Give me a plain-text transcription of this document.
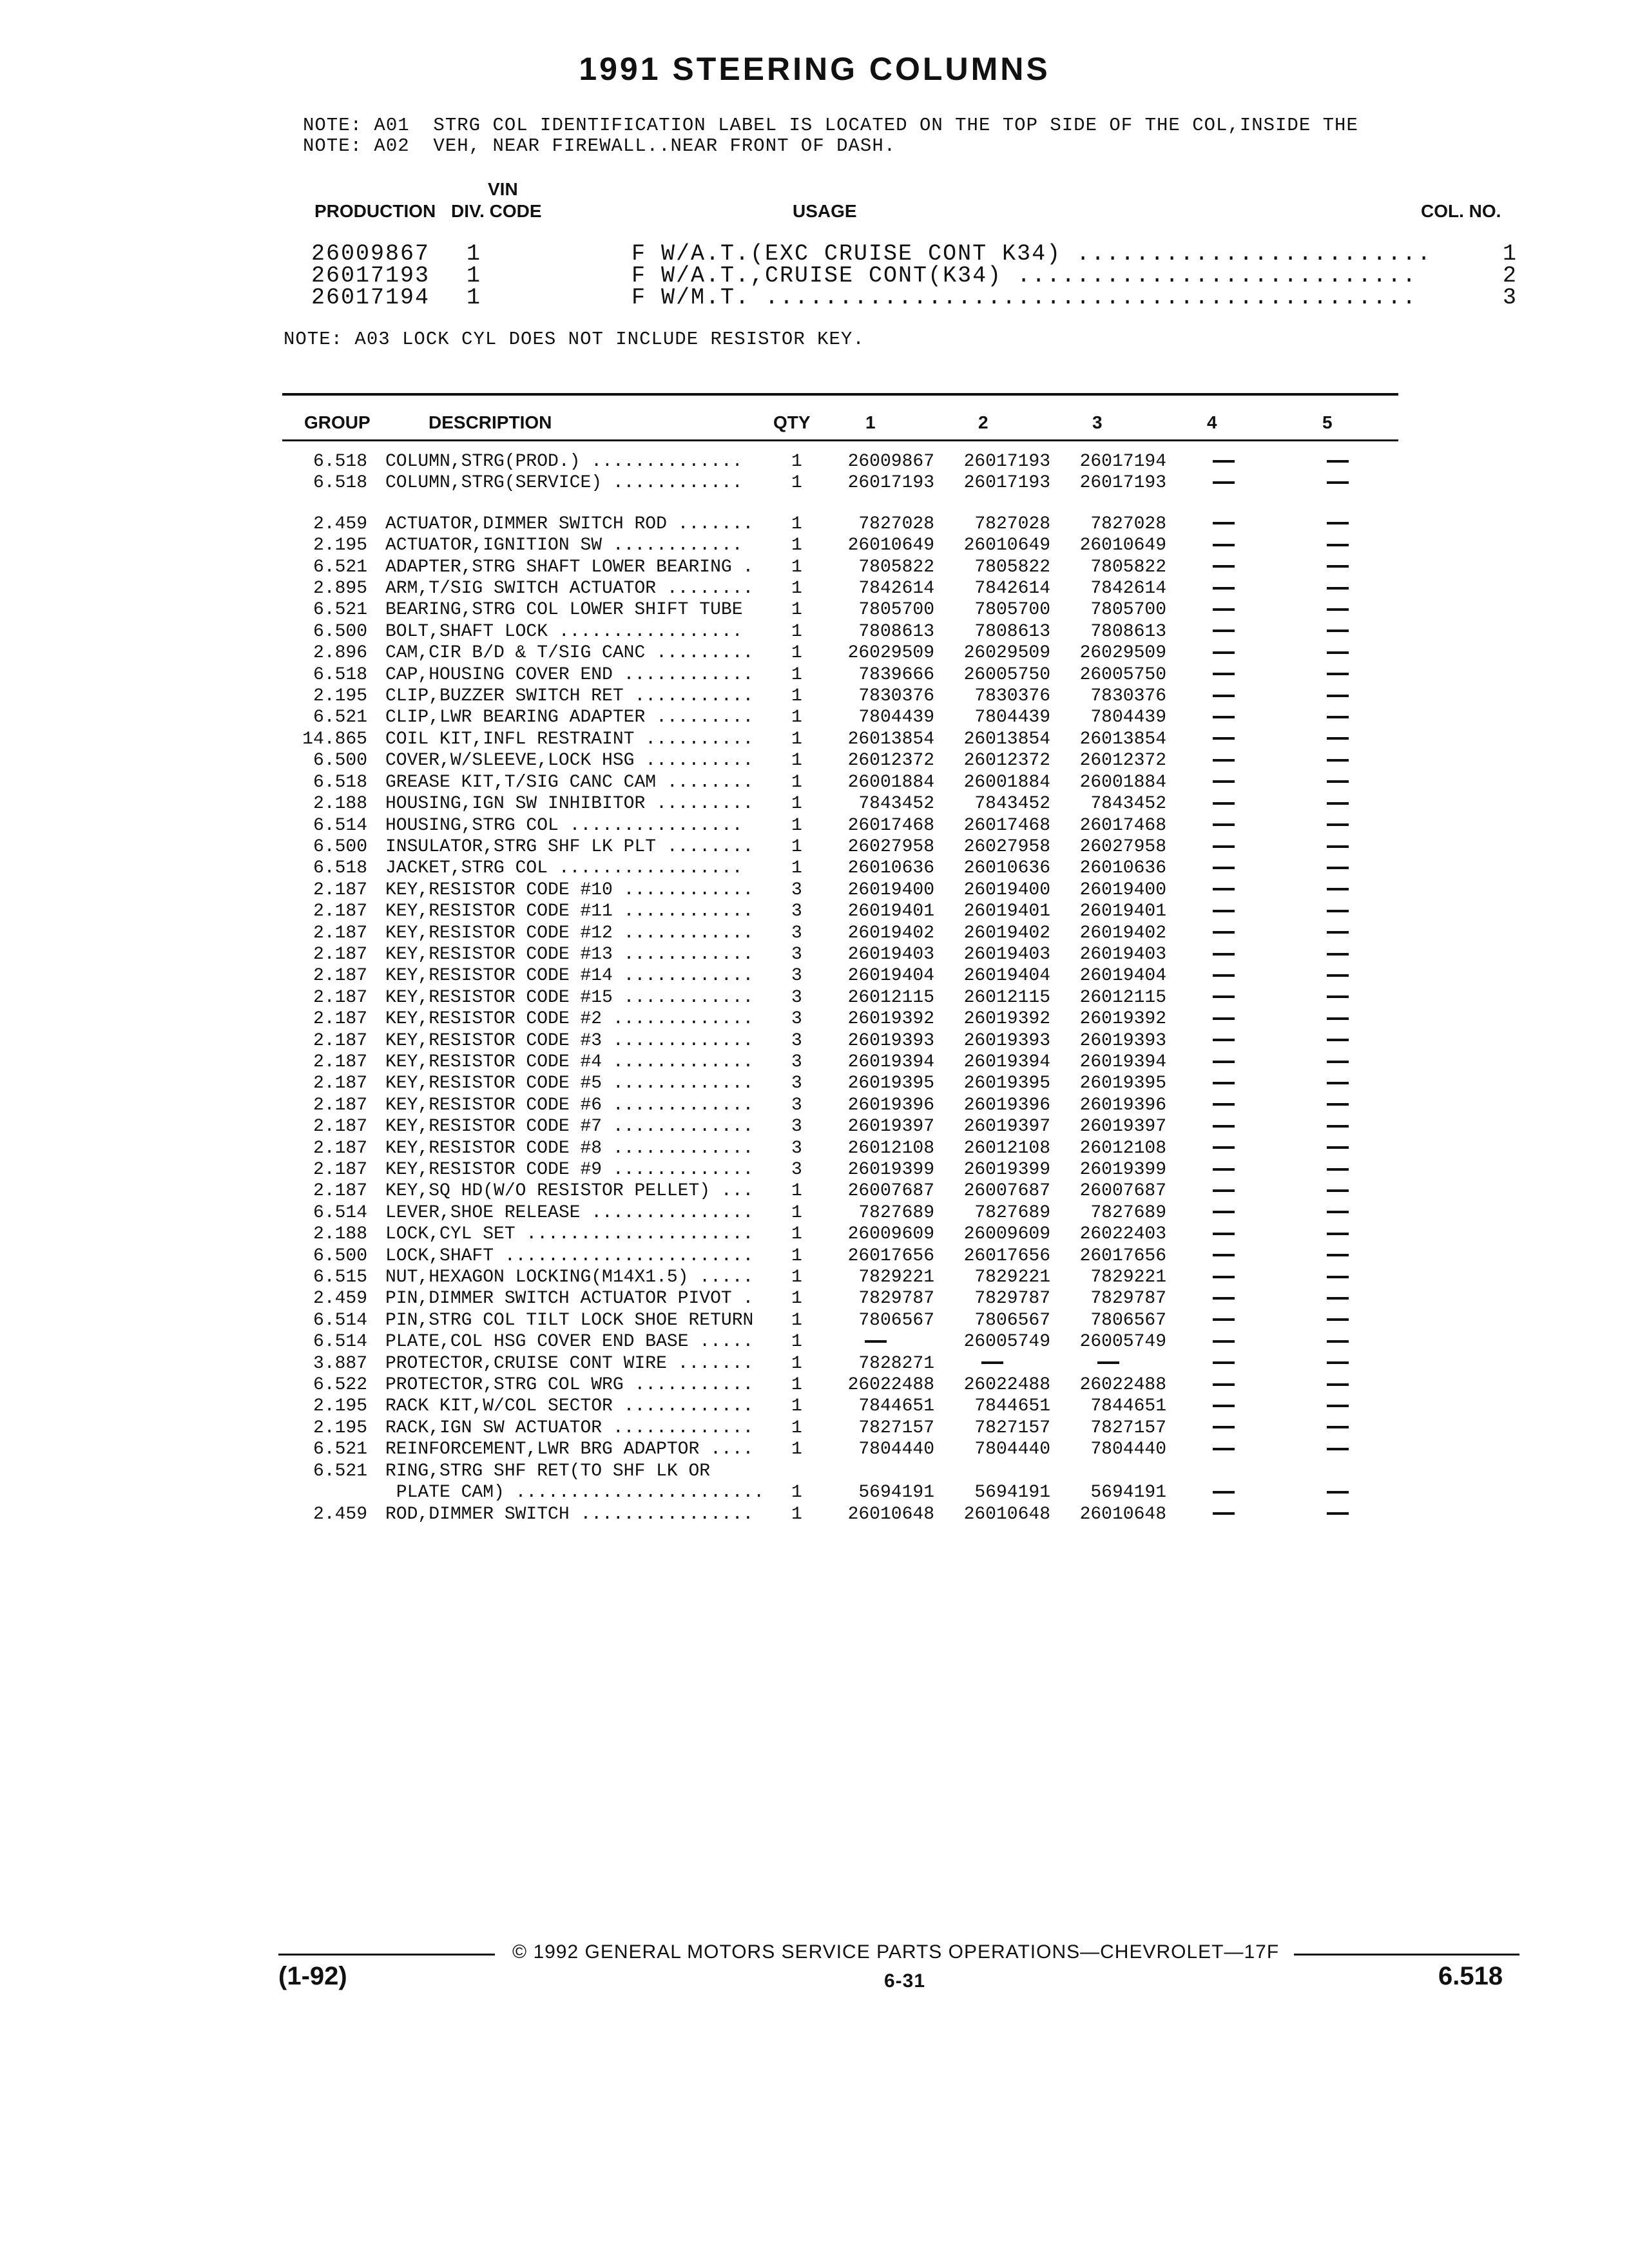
1991 STEERING COLUMNS
NOTE: A01  STRG COL IDENTIFICATION LABEL IS LOCATED ON THE TOP SIDE OF THE COL,INSIDE THE
NOTE: A02  VEH, NEAR FIREWALL..NEAR FRONT OF DASH.
VIN
PRODUCTION DIV. CODE	USAGE	COL. NO.
26009867 1	F W/A.T.(EXC CRUISE CONT K34) ........................	1
26017193 1	F W/A.T.,CRUISE CONT(K34) ...........................	2
26017194 1	F W/M.T. ............................................	3
NOTE: A03 LOCK CYL DOES NOT INCLUDE RESISTOR KEY.
GROUP	DESCRIPTION	QTY	1	2	3	4	5
6.518	COLUMN,STRG(PROD.) ..............	1	26009867	26017193	26017194		
6.518	COLUMN,STRG(SERVICE) ............	1	26017193	26017193	26017193		

2.459	ACTUATOR,DIMMER SWITCH ROD .......	1	7827028	7827028	7827028		
2.195	ACTUATOR,IGNITION SW ............	1	26010649	26010649	26010649		
6.521	ADAPTER,STRG SHAFT LOWER BEARING .	1	7805822	7805822	7805822		
2.895	ARM,T/SIG SWITCH ACTUATOR ........	1	7842614	7842614	7842614		
6.521	BEARING,STRG COL LOWER SHIFT TUBE	1	7805700	7805700	7805700		
6.500	BOLT,SHAFT LOCK .................	1	7808613	7808613	7808613		
2.896	CAM,CIR B/D & T/SIG CANC .........	1	26029509	26029509	26029509		
6.518	CAP,HOUSING COVER END ............	1	7839666	26005750	26005750		
2.195	CLIP,BUZZER SWITCH RET ...........	1	7830376	7830376	7830376		
6.521	CLIP,LWR BEARING ADAPTER .........	1	7804439	7804439	7804439		
14.865	COIL KIT,INFL RESTRAINT ..........	1	26013854	26013854	26013854		
6.500	COVER,W/SLEEVE,LOCK HSG ..........	1	26012372	26012372	26012372		
6.518	GREASE KIT,T/SIG CANC CAM ........	1	26001884	26001884	26001884		
2.188	HOUSING,IGN SW INHIBITOR .........	1	7843452	7843452	7843452		
6.514	HOUSING,STRG COL ................	1	26017468	26017468	26017468		
6.500	INSULATOR,STRG SHF LK PLT ........	1	26027958	26027958	26027958		
6.518	JACKET,STRG COL .................	1	26010636	26010636	26010636		
2.187	KEY,RESISTOR CODE #10 ............	3	26019400	26019400	26019400		
2.187	KEY,RESISTOR CODE #11 ............	3	26019401	26019401	26019401		
2.187	KEY,RESISTOR CODE #12 ............	3	26019402	26019402	26019402		
2.187	KEY,RESISTOR CODE #13 ............	3	26019403	26019403	26019403		
2.187	KEY,RESISTOR CODE #14 ............	3	26019404	26019404	26019404		
2.187	KEY,RESISTOR CODE #15 ............	3	26012115	26012115	26012115		
2.187	KEY,RESISTOR CODE #2 .............	3	26019392	26019392	26019392		
2.187	KEY,RESISTOR CODE #3 .............	3	26019393	26019393	26019393		
2.187	KEY,RESISTOR CODE #4 .............	3	26019394	26019394	26019394		
2.187	KEY,RESISTOR CODE #5 .............	3	26019395	26019395	26019395		
2.187	KEY,RESISTOR CODE #6 .............	3	26019396	26019396	26019396		
2.187	KEY,RESISTOR CODE #7 .............	3	26019397	26019397	26019397		
2.187	KEY,RESISTOR CODE #8 .............	3	26012108	26012108	26012108		
2.187	KEY,RESISTOR CODE #9 .............	3	26019399	26019399	26019399		
2.187	KEY,SQ HD(W/O RESISTOR PELLET) ...	1	26007687	26007687	26007687		
6.514	LEVER,SHOE RELEASE ...............	1	7827689	7827689	7827689		
2.188	LOCK,CYL SET .....................	1	26009609	26009609	26022403		
6.500	LOCK,SHAFT .......................	1	26017656	26017656	26017656		
6.515	NUT,HEXAGON LOCKING(M14X1.5) .....	1	7829221	7829221	7829221		
2.459	PIN,DIMMER SWITCH ACTUATOR PIVOT .	1	7829787	7829787	7829787		
6.514	PIN,STRG COL TILT LOCK SHOE RETURN	1	7806567	7806567	7806567		
6.514	PLATE,COL HSG COVER END BASE .....	1		26005749	26005749		
3.887	PROTECTOR,CRUISE CONT WIRE .......	1	7828271				
6.522	PROTECTOR,STRG COL WRG ...........	1	26022488	26022488	26022488		
2.195	RACK KIT,W/COL SECTOR ............	1	7844651	7844651	7844651		
2.195	RACK,IGN SW ACTUATOR .............	1	7827157	7827157	7827157		
6.521	REINFORCEMENT,LWR BRG ADAPTOR ....	1	7804440	7804440	7804440		
6.521	RING,STRG SHF RET(TO SHF LK OR						
	PLATE CAM) .......................	1	5694191	5694191	5694191		
2.459	ROD,DIMMER SWITCH ................	1	26010648	26010648	26010648		
© 1992 GENERAL MOTORS SERVICE PARTS OPERATIONS—CHEVROLET—17F
(1-92)	6-31	6.518
